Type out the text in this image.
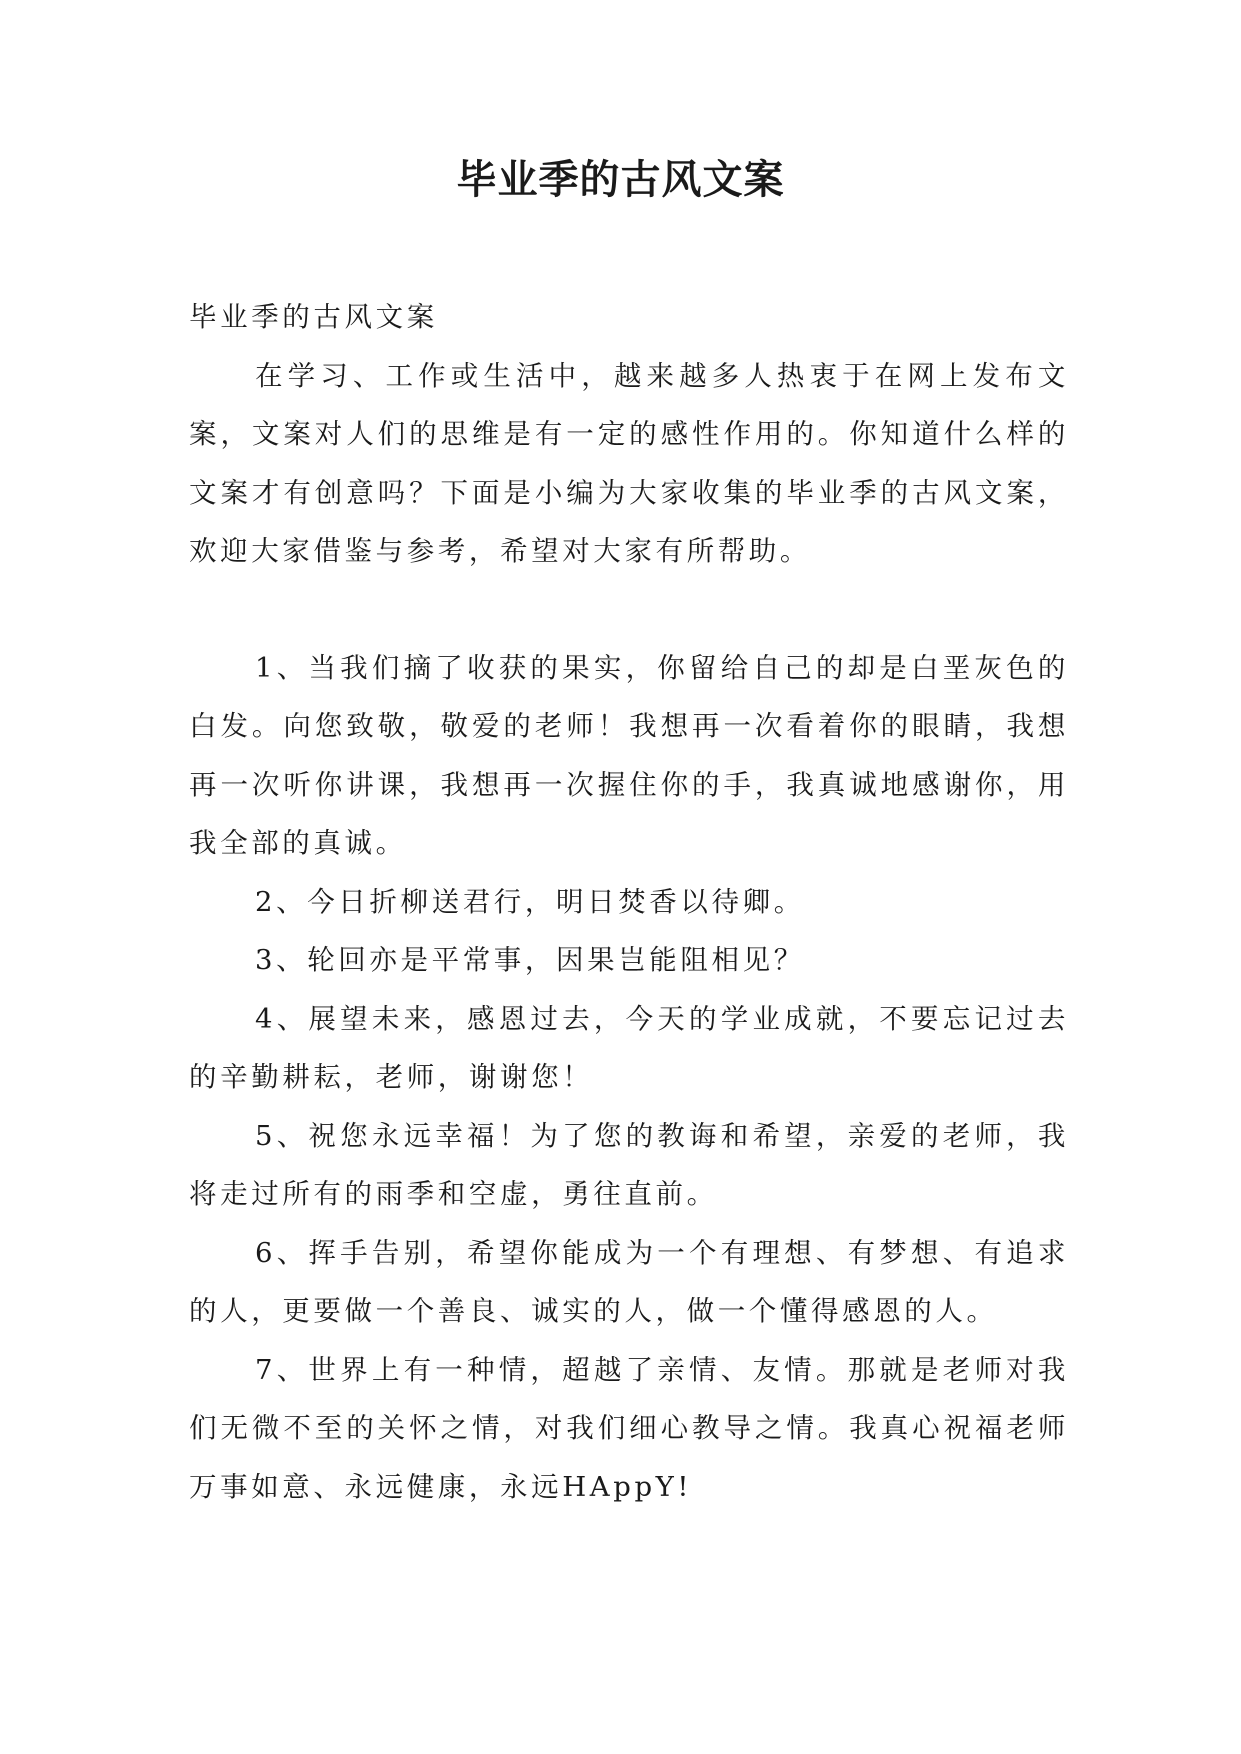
毕业季的古风文案

毕业季的古风文案

在学习、工作或生活中，越来越多人热衷于在网上发布文案，文案对人们的思维是有一定的感性作用的。你知道什么样的文案才有创意吗？下面是小编为大家收集的毕业季的古风文案，欢迎大家借鉴与参考，希望对大家有所帮助。

1、当我们摘了收获的果实，你留给自己的却是白垩灰色的白发。向您致敬，敬爱的老师！我想再一次看着你的眼睛，我想再一次听你讲课，我想再一次握住你的手，我真诚地感谢你，用我全部的真诚。

2、今日折柳送君行，明日焚香以待卿。

3、轮回亦是平常事，因果岂能阻相见？

4、展望未来，感恩过去，今天的学业成就，不要忘记过去的辛勤耕耘，老师，谢谢您！

5、祝您永远幸福！为了您的教诲和希望，亲爱的老师，我将走过所有的雨季和空虚，勇往直前。

6、挥手告别，希望你能成为一个有理想、有梦想、有追求的人，更要做一个善良、诚实的人，做一个懂得感恩的人。

7、世界上有一种情，超越了亲情、友情。那就是老师对我们无微不至的关怀之情，对我们细心教导之情。我真心祝福老师万事如意、永远健康，永远HAppY!
